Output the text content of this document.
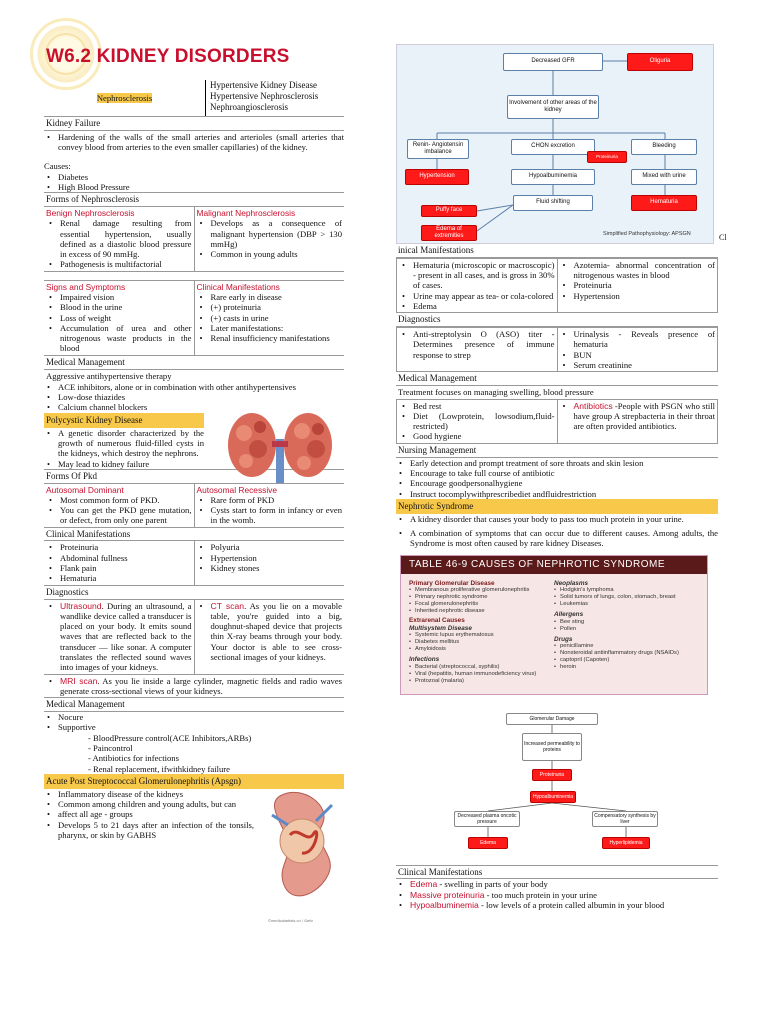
W6.2 KIDNEY DISORDERS
Nephrosclerosis
Hypertensive Kidney Disease
Hypertensive Nephrosclerosis
Nephroangiosclerosis
Kidney Failure
• Hardening of the walls of the small arteries and arterioles (small arteries that convey blood from arteries to the even smaller capillaries) of the kidney.
Causes:
• Diabetes
• High Blood Pressure
Forms of Nephrosclerosis
Benign Nephrosclerosis
• Renal damage resulting from essential hypertension, usually defined as a diastolic blood pressure in excess of 90 mmHg.
• Pathogenesis is multifactorial
Malignant Nephrosclerosis
• Develops as a consequence of malignant hypertension (DBP > 130 mmHg)
• Common in young adults
Signs and Symptoms
• Impaired vision
• Blood in the urine
• Loss of weight
• Accumulation of urea and other nitrogenous waste products in the blood
Clinical Manifestations
• Rare early in disease
• (+) proteinuria
• (+) casts in urine
• Later manifestations:
• Renal insufficiency manifestations
Medical Management
Aggressive antihypertensive therapy
• ACE inhibitors, alone or in combination with other antihypertensives
• Low-dose thiazides
• Calcium channel blockers
Polycystic Kidney Disease
• A genetic disorder characterized by the growth of numerous fluid-filled cysts in the kidneys, which destroy the nephrons.
• May lead to kidney failure
Forms Of Pkd
Autosomal Dominant
• Most common form of PKD.
• You can get the PKD gene mutation, or defect, from only one parent
Autosomal Recessive
• Rare form of PKD
• Cysts start to form in infancy or even in the womb.
Clinical Manifestations
• Proteinuria
• Abdominal fullness
• Flank pain
• Hematuria
• Polyuria
• Hypertension
• Kidney stones
Diagnostics
• Ultrasound. During an ultrasound, a wandlike device called a transducer is placed on your body. It emits sound waves that are reflected back to the transducer — like sonar. A computer translates the reflected sound waves into images of your kidneys.
• CT scan. As you lie on a movable table, you're guided into a big, doughnut-shaped device that projects thin X-ray beams through your body. Your doctor is able to see cross-sectional images of your kidneys.
• MRI scan. As you lie inside a large cylinder, magnetic fields and radio waves generate cross-sectional views of your kidneys.
Medical Management
• Nocure
• Supportive
- BloodPressure control(ACE Inhibitors,ARBs)
- Paincontrol
- Antibiotics for infections
- Renal replacement, ifwithkidney failure
Acute Post Streptococcal Glomerulonephritis (Apsgn)
• Inflammatory disease of the kidneys
• Common among children and young adults, but can
• affect all age - groups
• Develops 5 to 21 days after an infection of the tonsils, pharynx, or skin by GABHS
©medicalartists.co / Gettr
Decreased GFR	Oliguria
Involvement of other areas of the kidney
Renin- Angiotensin imbalance
CHON excretion
Proteinuria
Bleeding
Hypertension	Hypoalbuminemia	Mixed with urine
Fluid shifting	Hematuria
Puffy face
Edema of extremities	Simplified Pathophysiology: APSGN	Cl
inical Manifestations
• Hematuria (microscopic or macroscopic) - present in all cases, and is gross in 30% of cases.
• Urine may appear as tea- or cola-colored
• Edema
• Azotemia- abnormal concentration of nitrogenous wastes in blood
• Proteinuria
• Hypertension
Diagnostics
• Anti-streptolysin O (ASO) titer - Determines presence of immune response to strep
• Urinalysis - Reveals presence of hematuria
• BUN
• Serum creatinine
Medical Management
Treatment focuses on managing swelling, blood pressure
• Bed rest
• Diet (Lowprotein, lowsodium,fluid-restricted)
• Good hygiene
• Antibiotics -People with PSGN who still have group A strepbacteria in their throat are often provided antibiotics.
Nursing Management
• Early detection and prompt treatment of sore throats and skin lesion
• Encourage to take full course of antibiotic
• Encourage goodpersonalhygiene
• Instruct tocomplywithprescribediet andfluidrestriction
Nephrotic Syndrome
• A kidney disorder that causes your body to pass too much protein in your urine.
• A combination of symptoms that can occur due to different causes. Among adults, the Syndrome is most often caused by rare kidney Diseases.
TABLE 46-9 CAUSES OF NEPHROTIC SYNDROME
Primary Glomerular Disease
• Membranous proliferative glomerulonephritis
• Primary nephrotic syndrome
• Focal glomerulonephritis
• Inherited nephrotic disease
Extrarenal Causes
Multisystem Disease
• Systemic lupus erythematosus
• Diabetes mellitus
• Amyloidosis
Infections
• Bacterial (streptococcal, syphilis)
• Viral (hepatitis, human immunodeficiency virus)
• Protozoal (malaria)
Neoplasms
• Hodgkin's lymphoma
• Solid tumors of lungs, colon, stomach, breast
• Leukemias
Allergens
• Bee sting
• Pollen
Drugs
• penicillamine
• Nonsteroidal antiinflammatory drugs (NSAIDs)
• captopril (Capoten)
• heroin
Glomerular Damage
Increased permeability to proteins
Proteinuria
Hypoalbuminemia
Decreased plasma oncotic pressure
Compensatory synthesis by liver
Edema	Hyperlipidemia
Clinical Manifestations
• Edema - swelling in parts of your body
• Massive proteinuria - too much protein in your urine
• Hypoalbuminemia - low levels of a protein called albumin in your blood
